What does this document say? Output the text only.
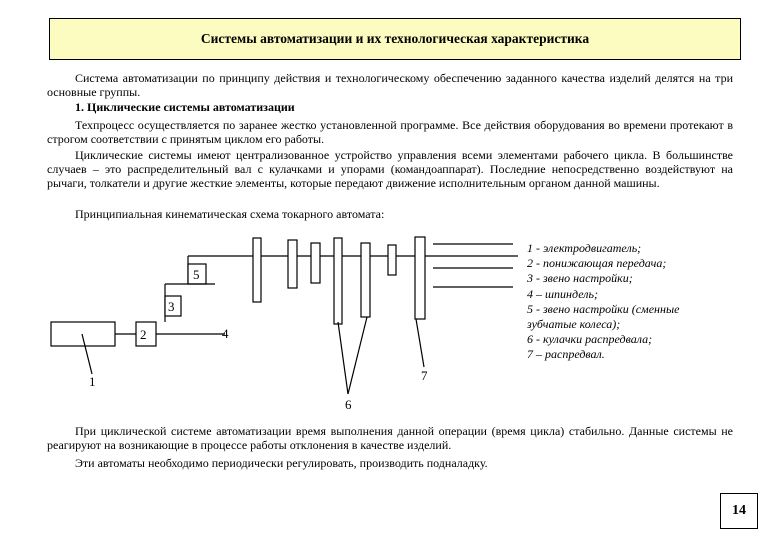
Системы автоматизации и их технологическая характеристика

Система автоматизации по принципу действия и технологическому обеспечению заданного качества изделий делятся на три основные группы.

1. Циклические системы автоматизации

Техпроцесс осуществляется по заранее жестко установленной программе. Все действия оборудования во времени протекают в строгом соответствии с принятым циклом его работы.

Циклические системы имеют централизованное устройство управления всеми элементами рабочего цикла. В большинстве случаев – это распределительный вал с кулачками и упорами (командоаппарат). Последние непосредственно воздействуют на рычаги, толкатели и другие жесткие элементы, которые передают движение исполнительным органом данной машины.

Принципиальная кинематическая схема токарного автомата:

1
2
3
4
5
6
7
1 - электродвигатель;
2 - понижающая передача;
3 - звено настройки;
4 – шпиндель;
5 - звено настройки (сменные
зубчатые колеса);
6 - кулачки распредвала;
7 – распредвал.

При циклической системе автоматизации время выполнения данной операции (время цикла) стабильно. Данные системы не реагируют на возникающие в процессе работы отклонения в качестве изделий.

Эти автоматы необходимо периодически регулировать, производить подналадку.

14
